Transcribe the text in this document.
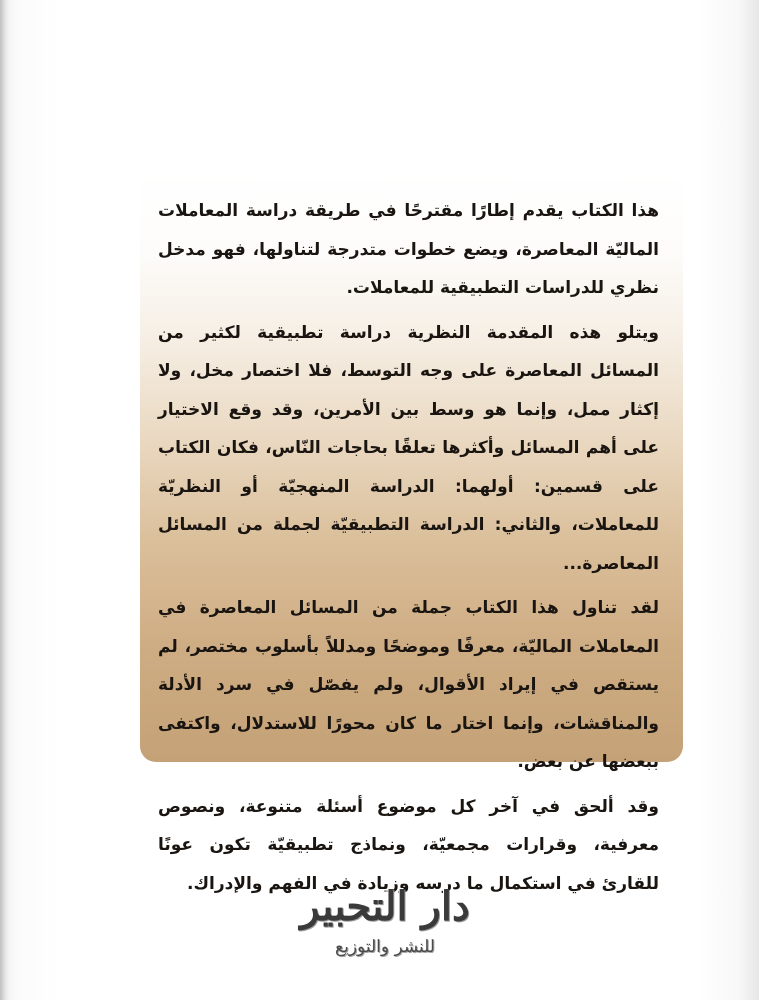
هذا الكتاب يقدم إطارًا مقترحًا في طريقة دراسة المعاملات الماليّة المعاصرة، ويضع خطوات متدرجة لتناولها، فهو مدخل نظري للدراسات التطبيقية للمعاملات.

ويتلو هذه المقدمة النظرية دراسة تطبيقية لكثير من المسائل المعاصرة على وجه التوسط، فلا اختصار مخل، ولا إكثار ممل، وإنما هو وسط بين الأمرين، وقد وقع الاختيار على أهم المسائل وأكثرها تعلقًا بحاجات النّاس، فكان الكتاب على قسمين: أولهما: الدراسة المنهجيّة أو النظريّة للمعاملات، والثاني: الدراسة التطبيقيّة لجملة من المسائل المعاصرة...

لقد تناول هذا الكتاب جملة من المسائل المعاصرة في المعاملات الماليّة، معرفًا وموضحًا ومدللاً بأسلوب مختصر، لم يستقص في إيراد الأقوال، ولم يفصّل في سرد الأدلة والمناقشات، وإنما اختار ما كان محورًا للاستدلال، واكتفى ببعضها عن بعض.

وقد ألحق في آخر كل موضوع أسئلة متنوعة، ونصوص معرفية، وقرارات مجمعيّة، ونماذج تطبيقيّة تكون عونًا للقارئ في استكمال ما درسه وزيادة في الفهم والإدراك.

دار التحبير
للنشر والتوزيع
